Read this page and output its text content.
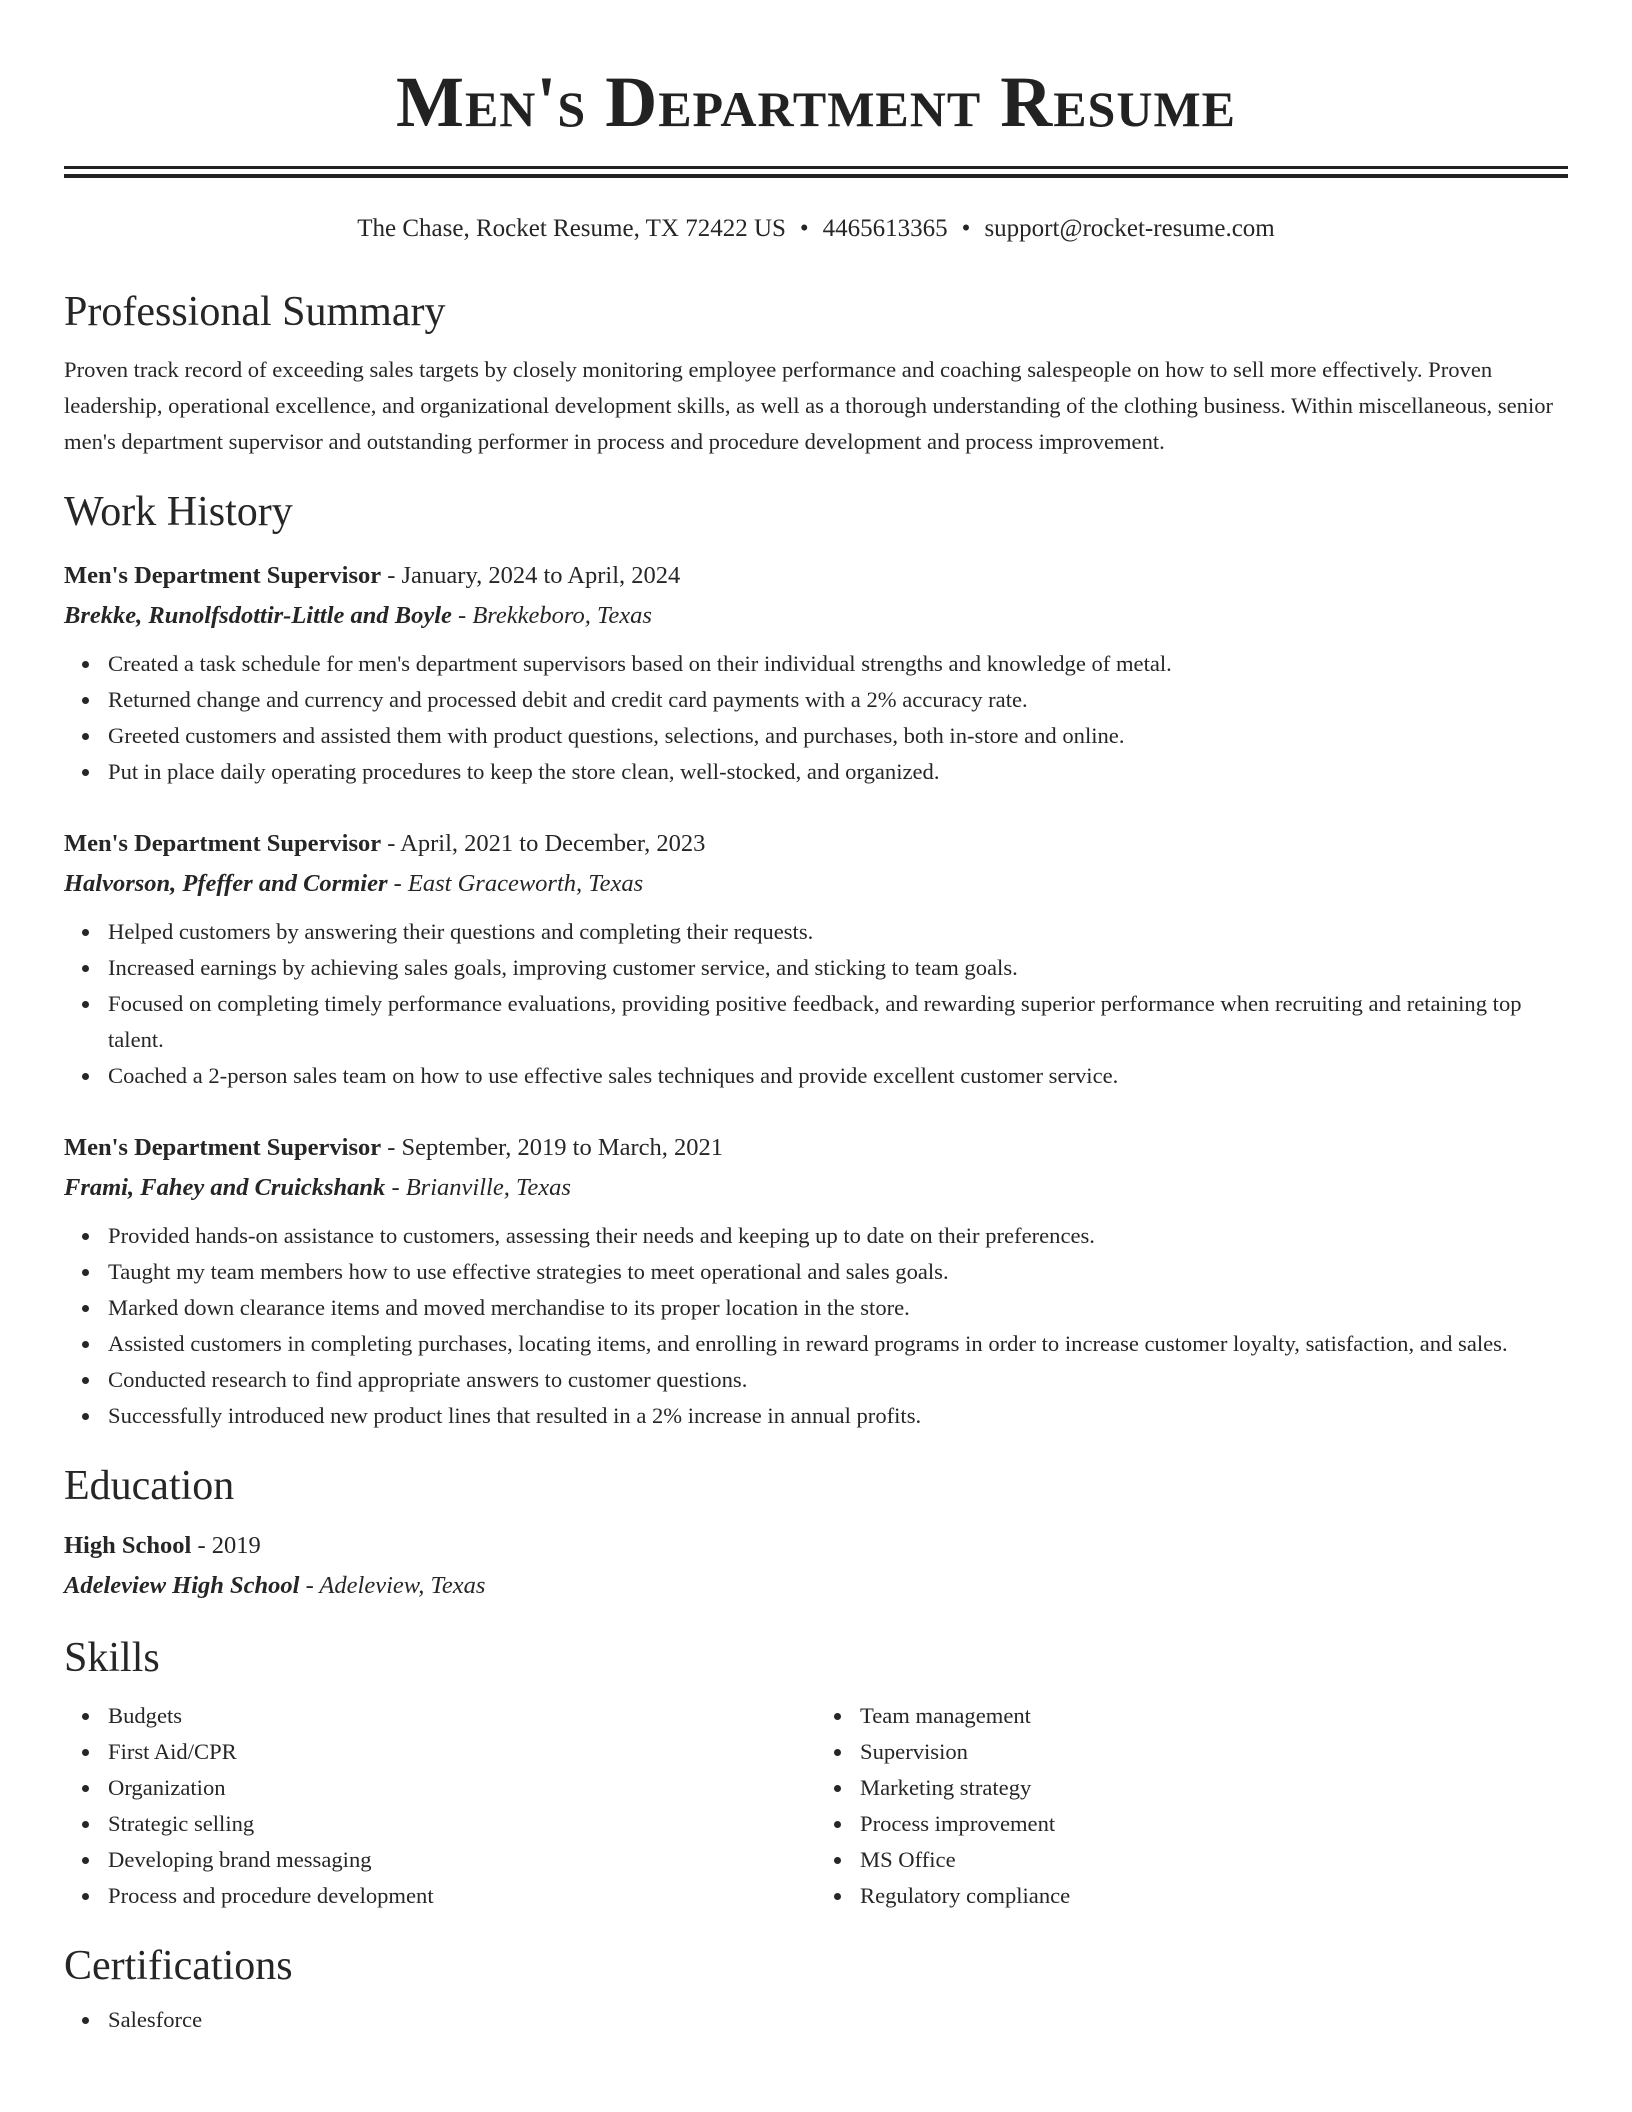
Men's Department Resume
The Chase, Rocket Resume, TX 72422 US • 4465613365 • support@rocket-resume.com
Professional Summary
Proven track record of exceeding sales targets by closely monitoring employee performance and coaching salespeople on how to sell more effectively. Proven leadership, operational excellence, and organizational development skills, as well as a thorough understanding of the clothing business. Within miscellaneous, senior men's department supervisor and outstanding performer in process and procedure development and process improvement.
Work History
Men's Department Supervisor - January, 2024 to April, 2024
Brekke, Runolfsdottir-Little and Boyle - Brekkeboro, Texas
Created a task schedule for men's department supervisors based on their individual strengths and knowledge of metal.
Returned change and currency and processed debit and credit card payments with a 2% accuracy rate.
Greeted customers and assisted them with product questions, selections, and purchases, both in-store and online.
Put in place daily operating procedures to keep the store clean, well-stocked, and organized.
Men's Department Supervisor - April, 2021 to December, 2023
Halvorson, Pfeffer and Cormier - East Graceworth, Texas
Helped customers by answering their questions and completing their requests.
Increased earnings by achieving sales goals, improving customer service, and sticking to team goals.
Focused on completing timely performance evaluations, providing positive feedback, and rewarding superior performance when recruiting and retaining top talent.
Coached a 2-person sales team on how to use effective sales techniques and provide excellent customer service.
Men's Department Supervisor - September, 2019 to March, 2021
Frami, Fahey and Cruickshank - Brianville, Texas
Provided hands-on assistance to customers, assessing their needs and keeping up to date on their preferences.
Taught my team members how to use effective strategies to meet operational and sales goals.
Marked down clearance items and moved merchandise to its proper location in the store.
Assisted customers in completing purchases, locating items, and enrolling in reward programs in order to increase customer loyalty, satisfaction, and sales.
Conducted research to find appropriate answers to customer questions.
Successfully introduced new product lines that resulted in a 2% increase in annual profits.
Education
High School - 2019
Adeleview High School - Adeleview, Texas
Skills
Budgets
First Aid/CPR
Organization
Strategic selling
Developing brand messaging
Process and procedure development
Team management
Supervision
Marketing strategy
Process improvement
MS Office
Regulatory compliance
Certifications
Salesforce
